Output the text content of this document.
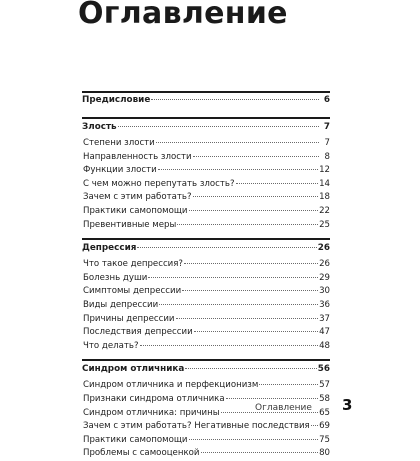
Оглавление
Предисловие	6
Злость	7
Степени злости	7
Направленность злости	8
Функции злости	12
С чем можно перепутать злость?	14
Зачем с этим работать?	18
Практики самопомощи	22
Превентивные меры	25
Депрессия	26
Что такое депрессия?	26
Болезнь души	29
Симптомы депрессии	30
Виды депрессии	36
Причины депрессии	37
Последствия депрессии	47
Что делать?	48
Синдром отличника	56
Синдром отличника и перфекционизм	57
Признаки синдрома отличника	58
Синдром отличника: причины	65
Зачем с этим работать? Негативные последствия 69
Практики самопомощи	75
Проблемы с самооценкой	80
Оглавление 3
